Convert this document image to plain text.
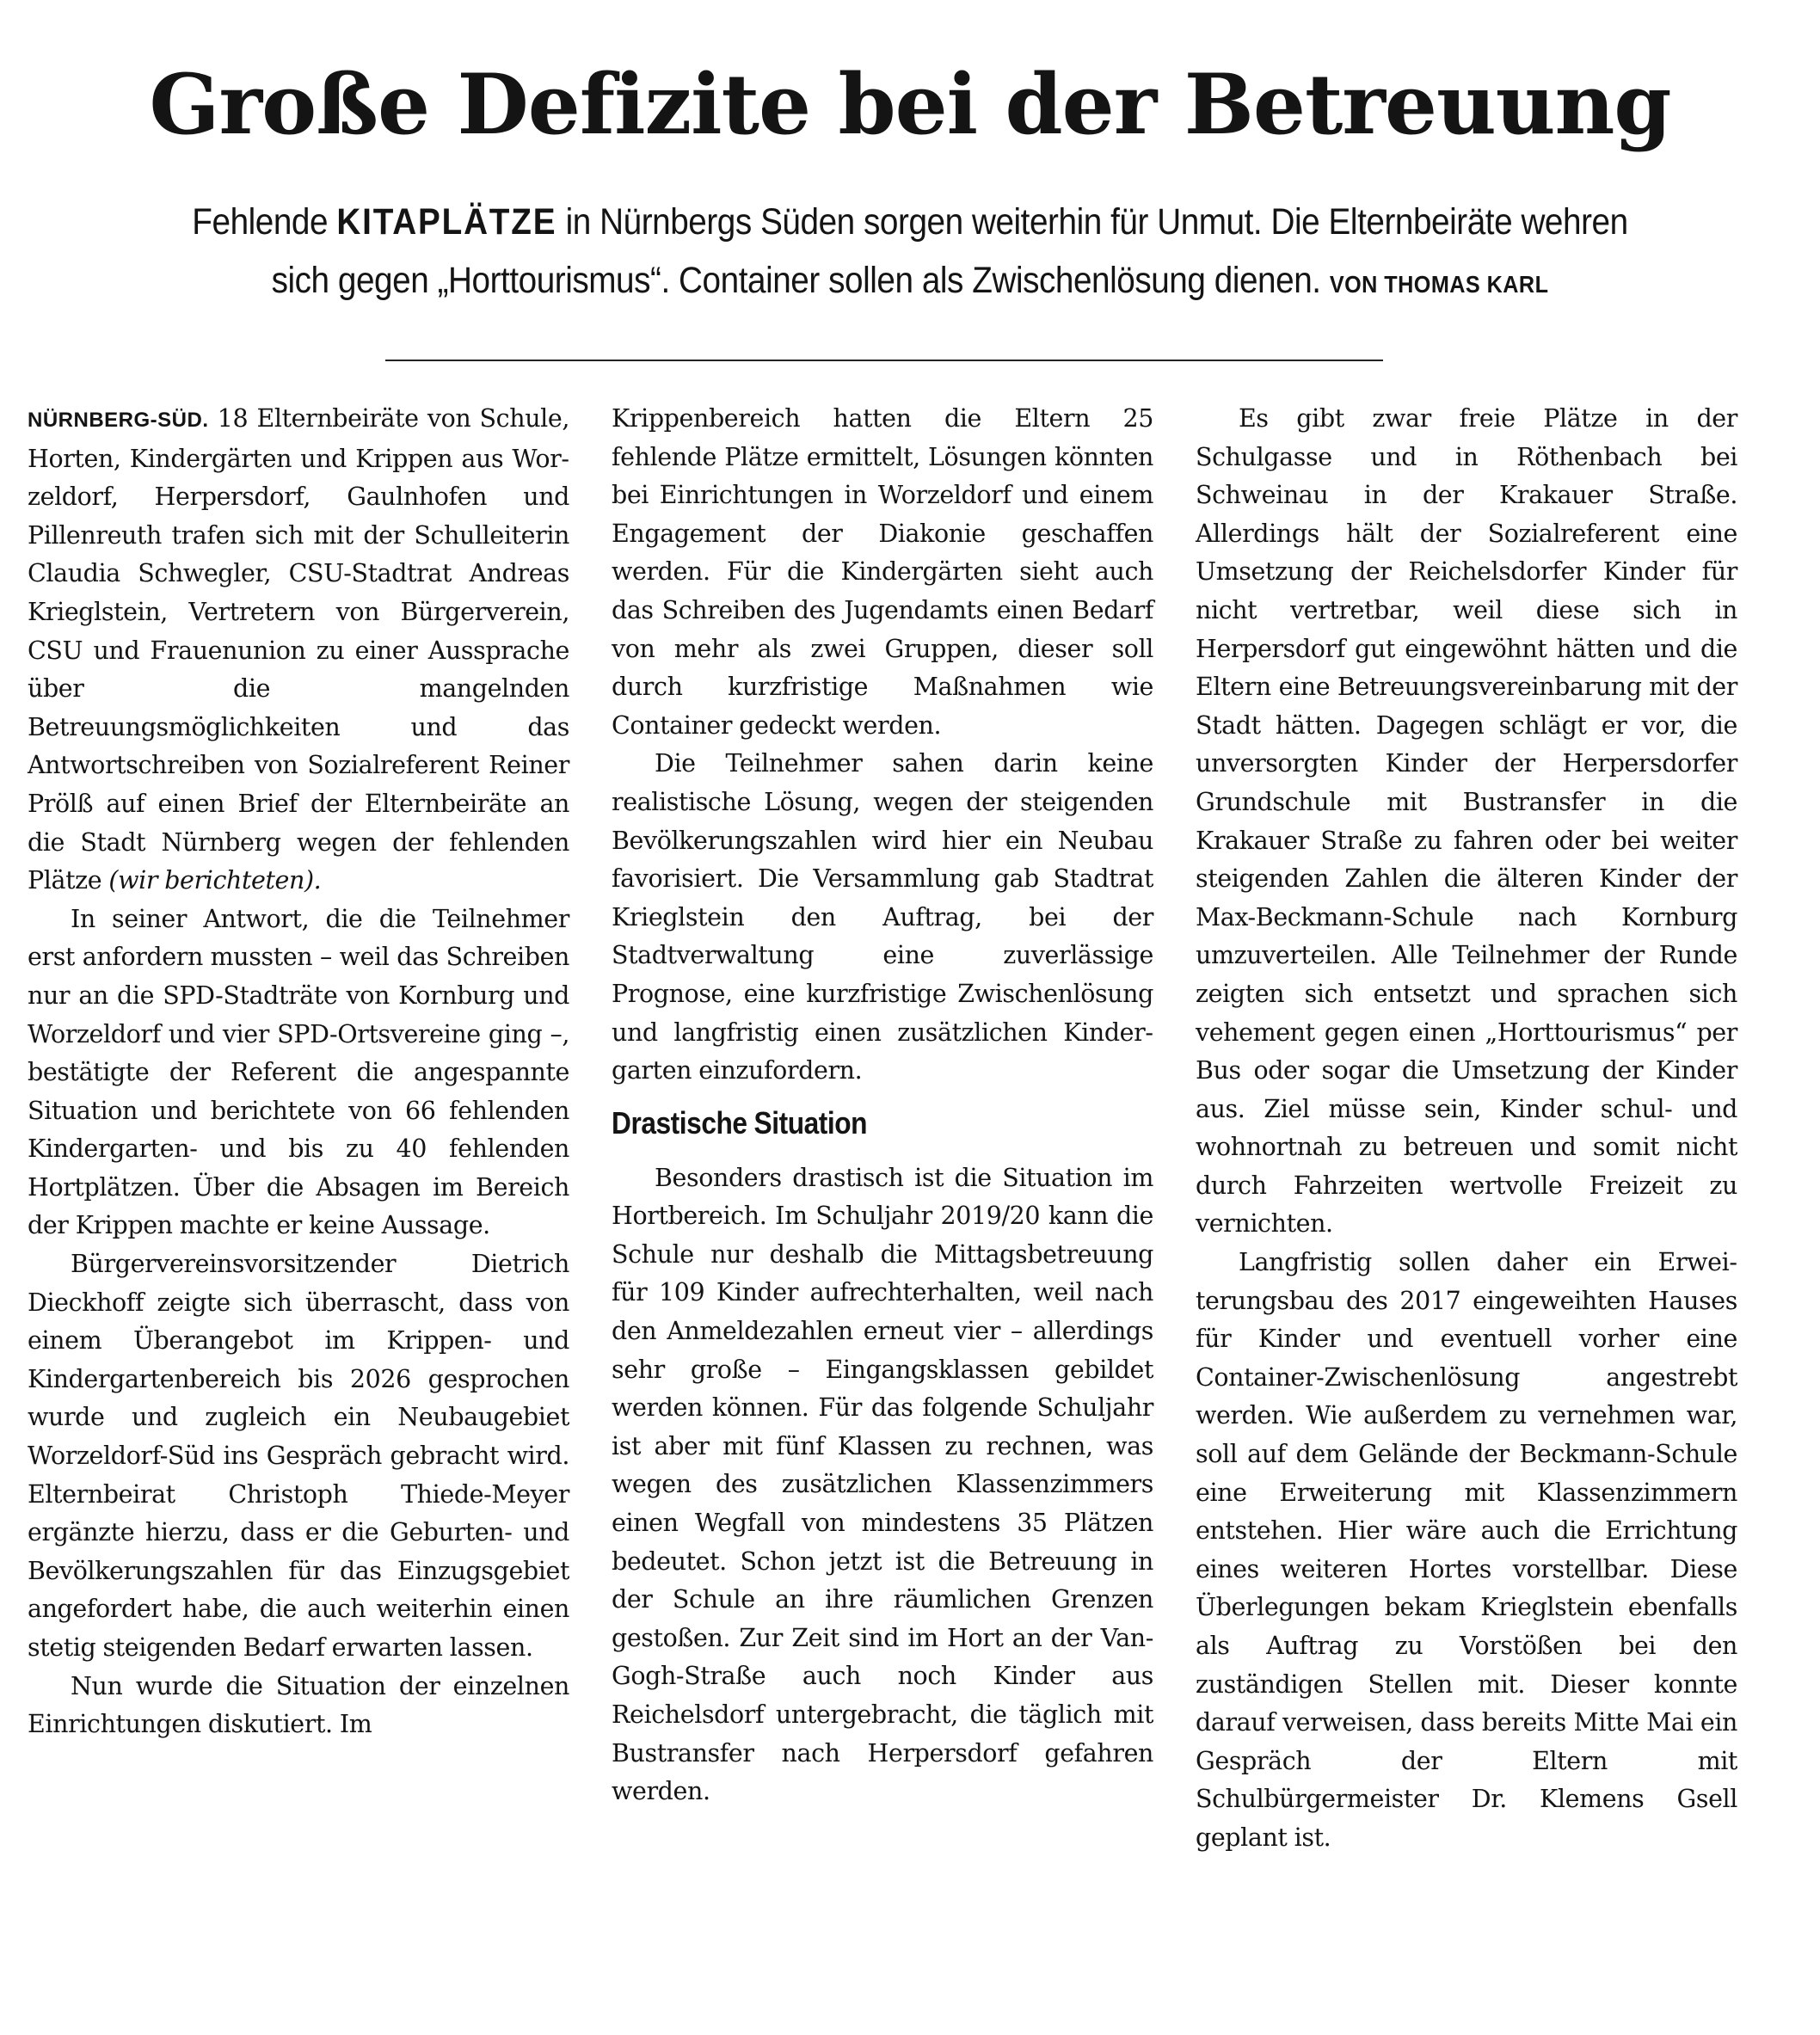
Große Defizite bei der Betreuung

Fehlende KITAPLÄTZE in Nürnbergs Süden sorgen weiterhin für Unmut. Die Elternbeiräte wehren sich gegen „Horttourismus“. Container sollen als Zwischenlösung dienen. VON THOMAS KARL

NÜRNBERG-SÜD. 18 Elternbeiräte von Schule, Horten, Kindergärten und Krippen aus Worzeldorf, Herpersdorf, Gaulnhofen und Pillenreuth trafen sich mit der Schulleiterin Claudia Schwegler, CSU-Stadtrat Andreas Krieglstein, Vertretern von Bürgerverein, CSU und Frauenunion zu einer Aussprache über die mangelnden Betreuungsmöglichkeiten und das Antwortschreiben von Sozialreferent Reiner Prölß auf einen Brief der Elternbeiräte an die Stadt Nürnberg wegen der fehlenden Plätze (wir berichteten).

In seiner Antwort, die die Teilnehmer erst anfordern mussten – weil das Schreiben nur an die SPD-Stadträte von Kornburg und Worzeldorf und vier SPD-Ortsvereine ging –, bestätigte der Referent die angespannte Situation und berichtete von 66 fehlenden Kindergarten- und bis zu 40 fehlenden Hortplätzen. Über die Absagen im Bereich der Krippen machte er keine Aussage.

Bürgervereinsvorsitzender Dietrich Dieckhoff zeigte sich überrascht, dass von einem Überangebot im Krippen- und Kindergartenbereich bis 2026 gesprochen wurde und zugleich ein Neubaugebiet Worzeldorf-Süd ins Gespräch gebracht wird. Elternbeirat Christoph Thiede-Meyer ergänzte hierzu, dass er die Geburten- und Bevölkerungszahlen für das Einzugsgebiet angefordert habe, die auch weiterhin einen stetig steigenden Bedarf erwarten lassen.

Nun wurde die Situation der einzelnen Einrichtungen diskutiert. Im

Krippenbereich hatten die Eltern 25 fehlende Plätze ermittelt, Lösungen könnten bei Einrichtungen in Worzeldorf und einem Engagement der Diakonie geschaffen werden. Für die Kindergärten sieht auch das Schreiben des Jugendamts einen Bedarf von mehr als zwei Gruppen, dieser soll durch kurzfristige Maßnahmen wie Container gedeckt werden.

Die Teilnehmer sahen darin keine realistische Lösung, wegen der steigenden Bevölkerungszahlen wird hier ein Neubau favorisiert. Die Versammlung gab Stadtrat Krieglstein den Auftrag, bei der Stadtverwaltung eine zuverlässige Prognose, eine kurzfristige Zwischenlösung und langfristig einen zusätzlichen Kindergarten einzufordern.

Drastische Situation

Besonders drastisch ist die Situation im Hortbereich. Im Schuljahr 2019/20 kann die Schule nur deshalb die Mittagsbetreuung für 109 Kinder aufrechterhalten, weil nach den Anmeldezahlen erneut vier – allerdings sehr große – Eingangsklassen gebildet werden können. Für das folgende Schuljahr ist aber mit fünf Klassen zu rechnen, was wegen des zusätzlichen Klassenzimmers einen Wegfall von mindestens 35 Plätzen bedeutet. Schon jetzt ist die Betreuung in der Schule an ihre räumlichen Grenzen gestoßen. Zur Zeit sind im Hort an der Van-Gogh-Straße auch noch Kinder aus Reichelsdorf untergebracht, die täglich mit Bustransfer nach Herpersdorf gefahren werden.

Es gibt zwar freie Plätze in der Schulgasse und in Röthenbach bei Schweinau in der Krakauer Straße. Allerdings hält der Sozialreferent eine Umsetzung der Reichelsdorfer Kinder für nicht vertretbar, weil diese sich in Herpersdorf gut eingewöhnt hätten und die Eltern eine Betreuungsvereinbarung mit der Stadt hätten. Dagegen schlägt er vor, die unversorgten Kinder der Herpersdorfer Grundschule mit Bustransfer in die Krakauer Straße zu fahren oder bei weiter steigenden Zahlen die älteren Kinder der Max-Beckmann-Schule nach Kornburg umzuverteilen. Alle Teilnehmer der Runde zeigten sich entsetzt und sprachen sich vehement gegen einen „Horttourismus“ per Bus oder sogar die Umsetzung der Kinder aus. Ziel müsse sein, Kinder schul- und wohnortnah zu betreuen und somit nicht durch Fahrzeiten wertvolle Freizeit zu vernichten.

Langfristig sollen daher ein Erweiterungsbau des 2017 eingeweihten Hauses für Kinder und eventuell vorher eine Container-Zwischenlösung angestrebt werden. Wie außerdem zu vernehmen war, soll auf dem Gelände der Beckmann-Schule eine Erweiterung mit Klassenzimmern entstehen. Hier wäre auch die Errichtung eines weiteren Hortes vorstellbar. Diese Überlegungen bekam Krieglstein ebenfalls als Auftrag zu Vorstößen bei den zuständigen Stellen mit. Dieser konnte darauf verweisen, dass bereits Mitte Mai ein Gespräch der Eltern mit Schulbürgermeister Dr. Klemens Gsell geplant ist.
